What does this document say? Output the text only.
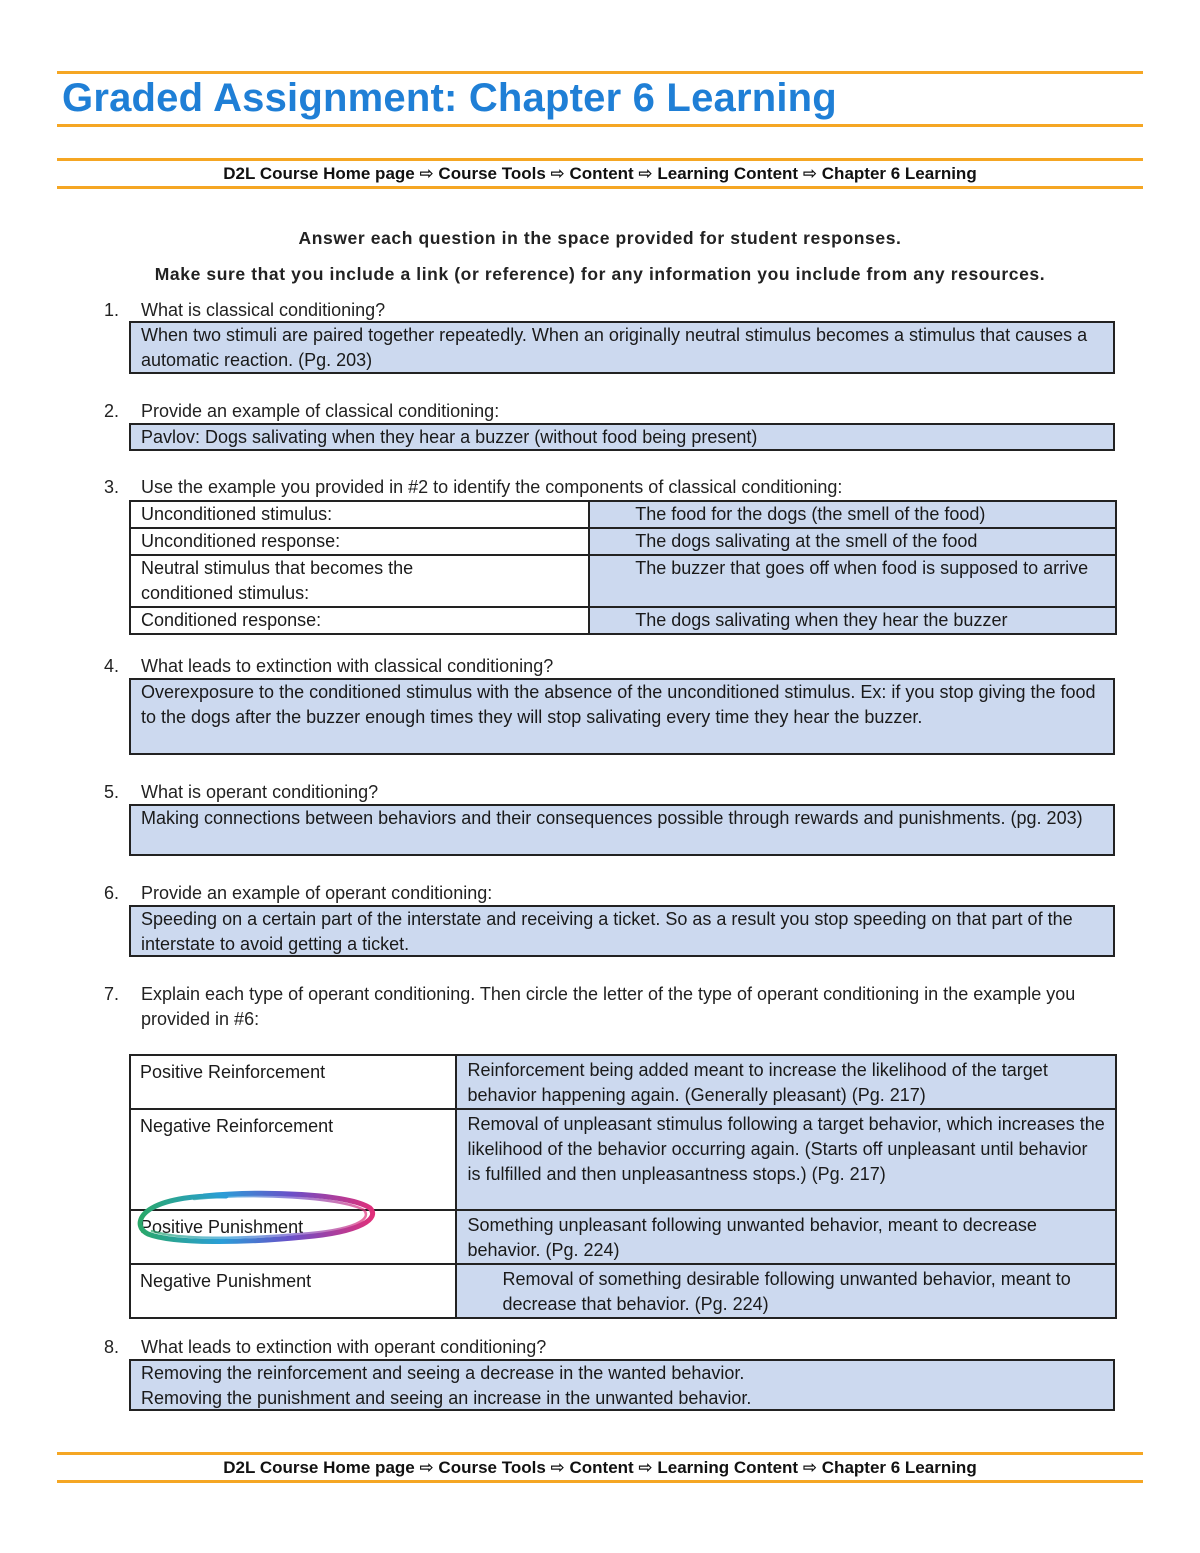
Graded Assignment: Chapter 6 Learning
D2L Course Home page ⇨ Course Tools ⇨ Content ⇨ Learning Content ⇨ Chapter 6 Learning
Answer each question in the space provided for student responses.
Make sure that you include a link (or reference) for any information you include from any resources.
1. What is classical conditioning?
When two stimuli are paired together repeatedly. When an originally neutral stimulus becomes a stimulus that causes a automatic reaction. (Pg. 203)
2. Provide an example of classical conditioning:
Pavlov: Dogs salivating when they hear a buzzer (without food being present)
3. Use the example you provided in #2 to identify the components of classical conditioning:
Unconditioned stimulus:	The food for the dogs (the smell of the food)
Unconditioned response:	The dogs salivating at the smell of the food
Neutral stimulus that becomes the conditioned stimulus:	The buzzer that goes off when food is supposed to arrive
Conditioned response:	The dogs salivating when they hear the buzzer
4. What leads to extinction with classical conditioning?
Overexposure to the conditioned stimulus with the absence of the unconditioned stimulus. Ex: if you stop giving the food to the dogs after the buzzer enough times they will stop salivating every time they hear the buzzer.
5. What is operant conditioning?
Making connections between behaviors and their consequences possible through rewards and punishments. (pg. 203)
6. Provide an example of operant conditioning:
Speeding on a certain part of the interstate and receiving a ticket. So as a result you stop speeding on that part of the interstate to avoid getting a ticket.
7. Explain each type of operant conditioning. Then circle the letter of the type of operant conditioning in the example you provided in #6:
Positive Reinforcement	Reinforcement being added meant to increase the likelihood of the target behavior happening again. (Generally pleasant) (Pg. 217)
Negative Reinforcement	Removal of unpleasant stimulus following a target behavior, which increases the likelihood of the behavior occurring again. (Starts off unpleasant until behavior is fulfilled and then unpleasantness stops.) (Pg. 217)
Positive Punishment	Something unpleasant following unwanted behavior, meant to decrease behavior. (Pg. 224)
Negative Punishment	Removal of something desirable following unwanted behavior, meant to decrease that behavior. (Pg. 224)
8. What leads to extinction with operant conditioning?
Removing the reinforcement and seeing a decrease in the wanted behavior.
Removing the punishment and seeing an increase in the unwanted behavior.
D2L Course Home page ⇨ Course Tools ⇨ Content ⇨ Learning Content ⇨ Chapter 6 Learning
